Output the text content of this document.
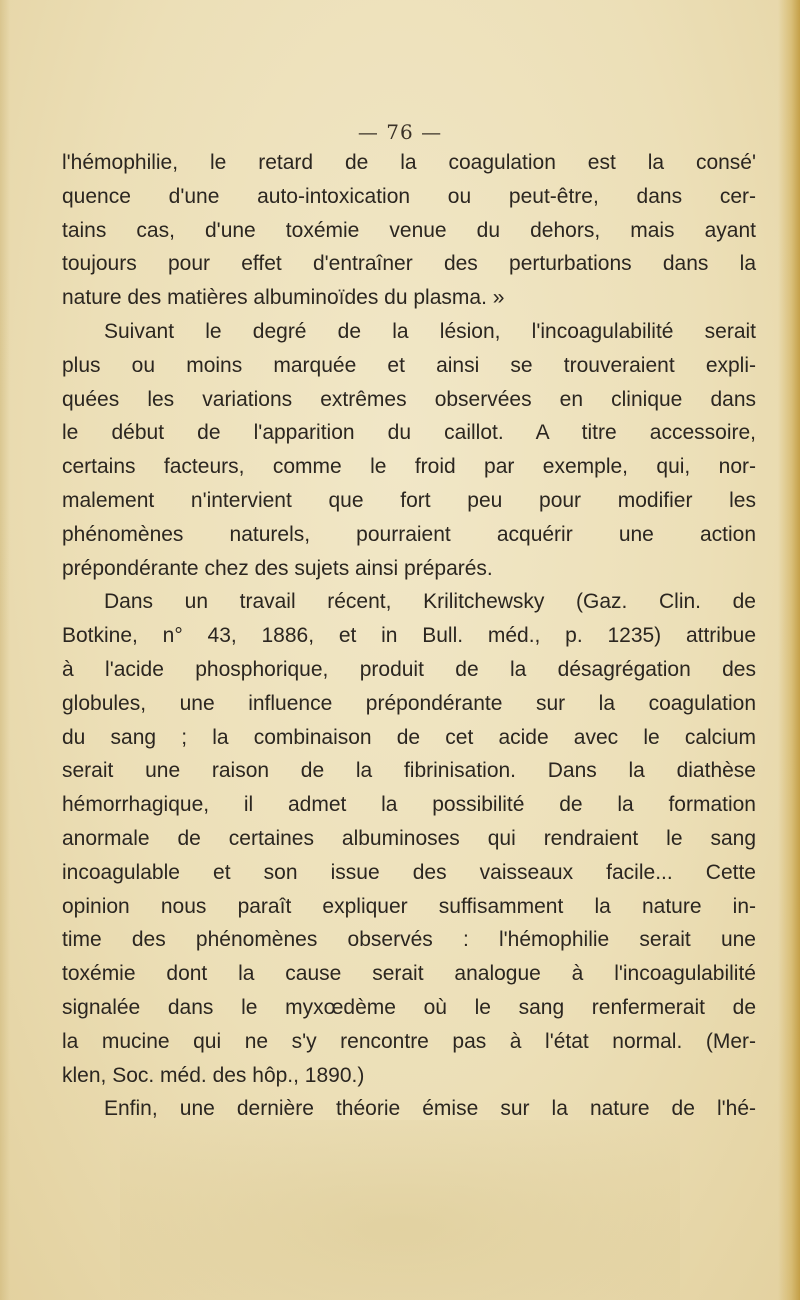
— 76 —
l'hémophilie, le retard de la coagulation est la consé'
quence d'une auto-intoxication ou peut-être, dans cer-
tains cas, d'une toxémie venue du dehors, mais ayant
toujours pour effet d'entraîner des perturbations dans la
nature des matières albuminoïdes du plasma. »
Suivant le degré de la lésion, l'incoagulabilité serait
plus ou moins marquée et ainsi se trouveraient expli-
quées les variations extrêmes observées en clinique dans
le début de l'apparition du caillot. A titre accessoire,
certains facteurs, comme le froid par exemple, qui, nor-
malement n'intervient que fort peu pour modifier les
phénomènes naturels, pourraient acquérir une action
prépondérante chez des sujets ainsi préparés.
Dans un travail récent, Krilitchewsky (Gaz. Clin. de
Botkine, n° 43, 1886, et in Bull. méd., p. 1235) attribue
à l'acide phosphorique, produit de la désagrégation des
globules, une influence prépondérante sur la coagulation
du sang ; la combinaison de cet acide avec le calcium
serait une raison de la fibrinisation. Dans la diathèse
hémorrhagique, il admet la possibilité de la formation
anormale de certaines albuminoses qui rendraient le sang
incoagulable et son issue des vaisseaux facile... Cette
opinion nous paraît expliquer suffisamment la nature in-
time des phénomènes observés : l'hémophilie serait une
toxémie dont la cause serait analogue à l'incoagulabilité
signalée dans le myxœdème où le sang renfermerait de
la mucine qui ne s'y rencontre pas à l'état normal. (Mer-
klen, Soc. méd. des hôp., 1890.)
Enfin, une dernière théorie émise sur la nature de l'hé-
